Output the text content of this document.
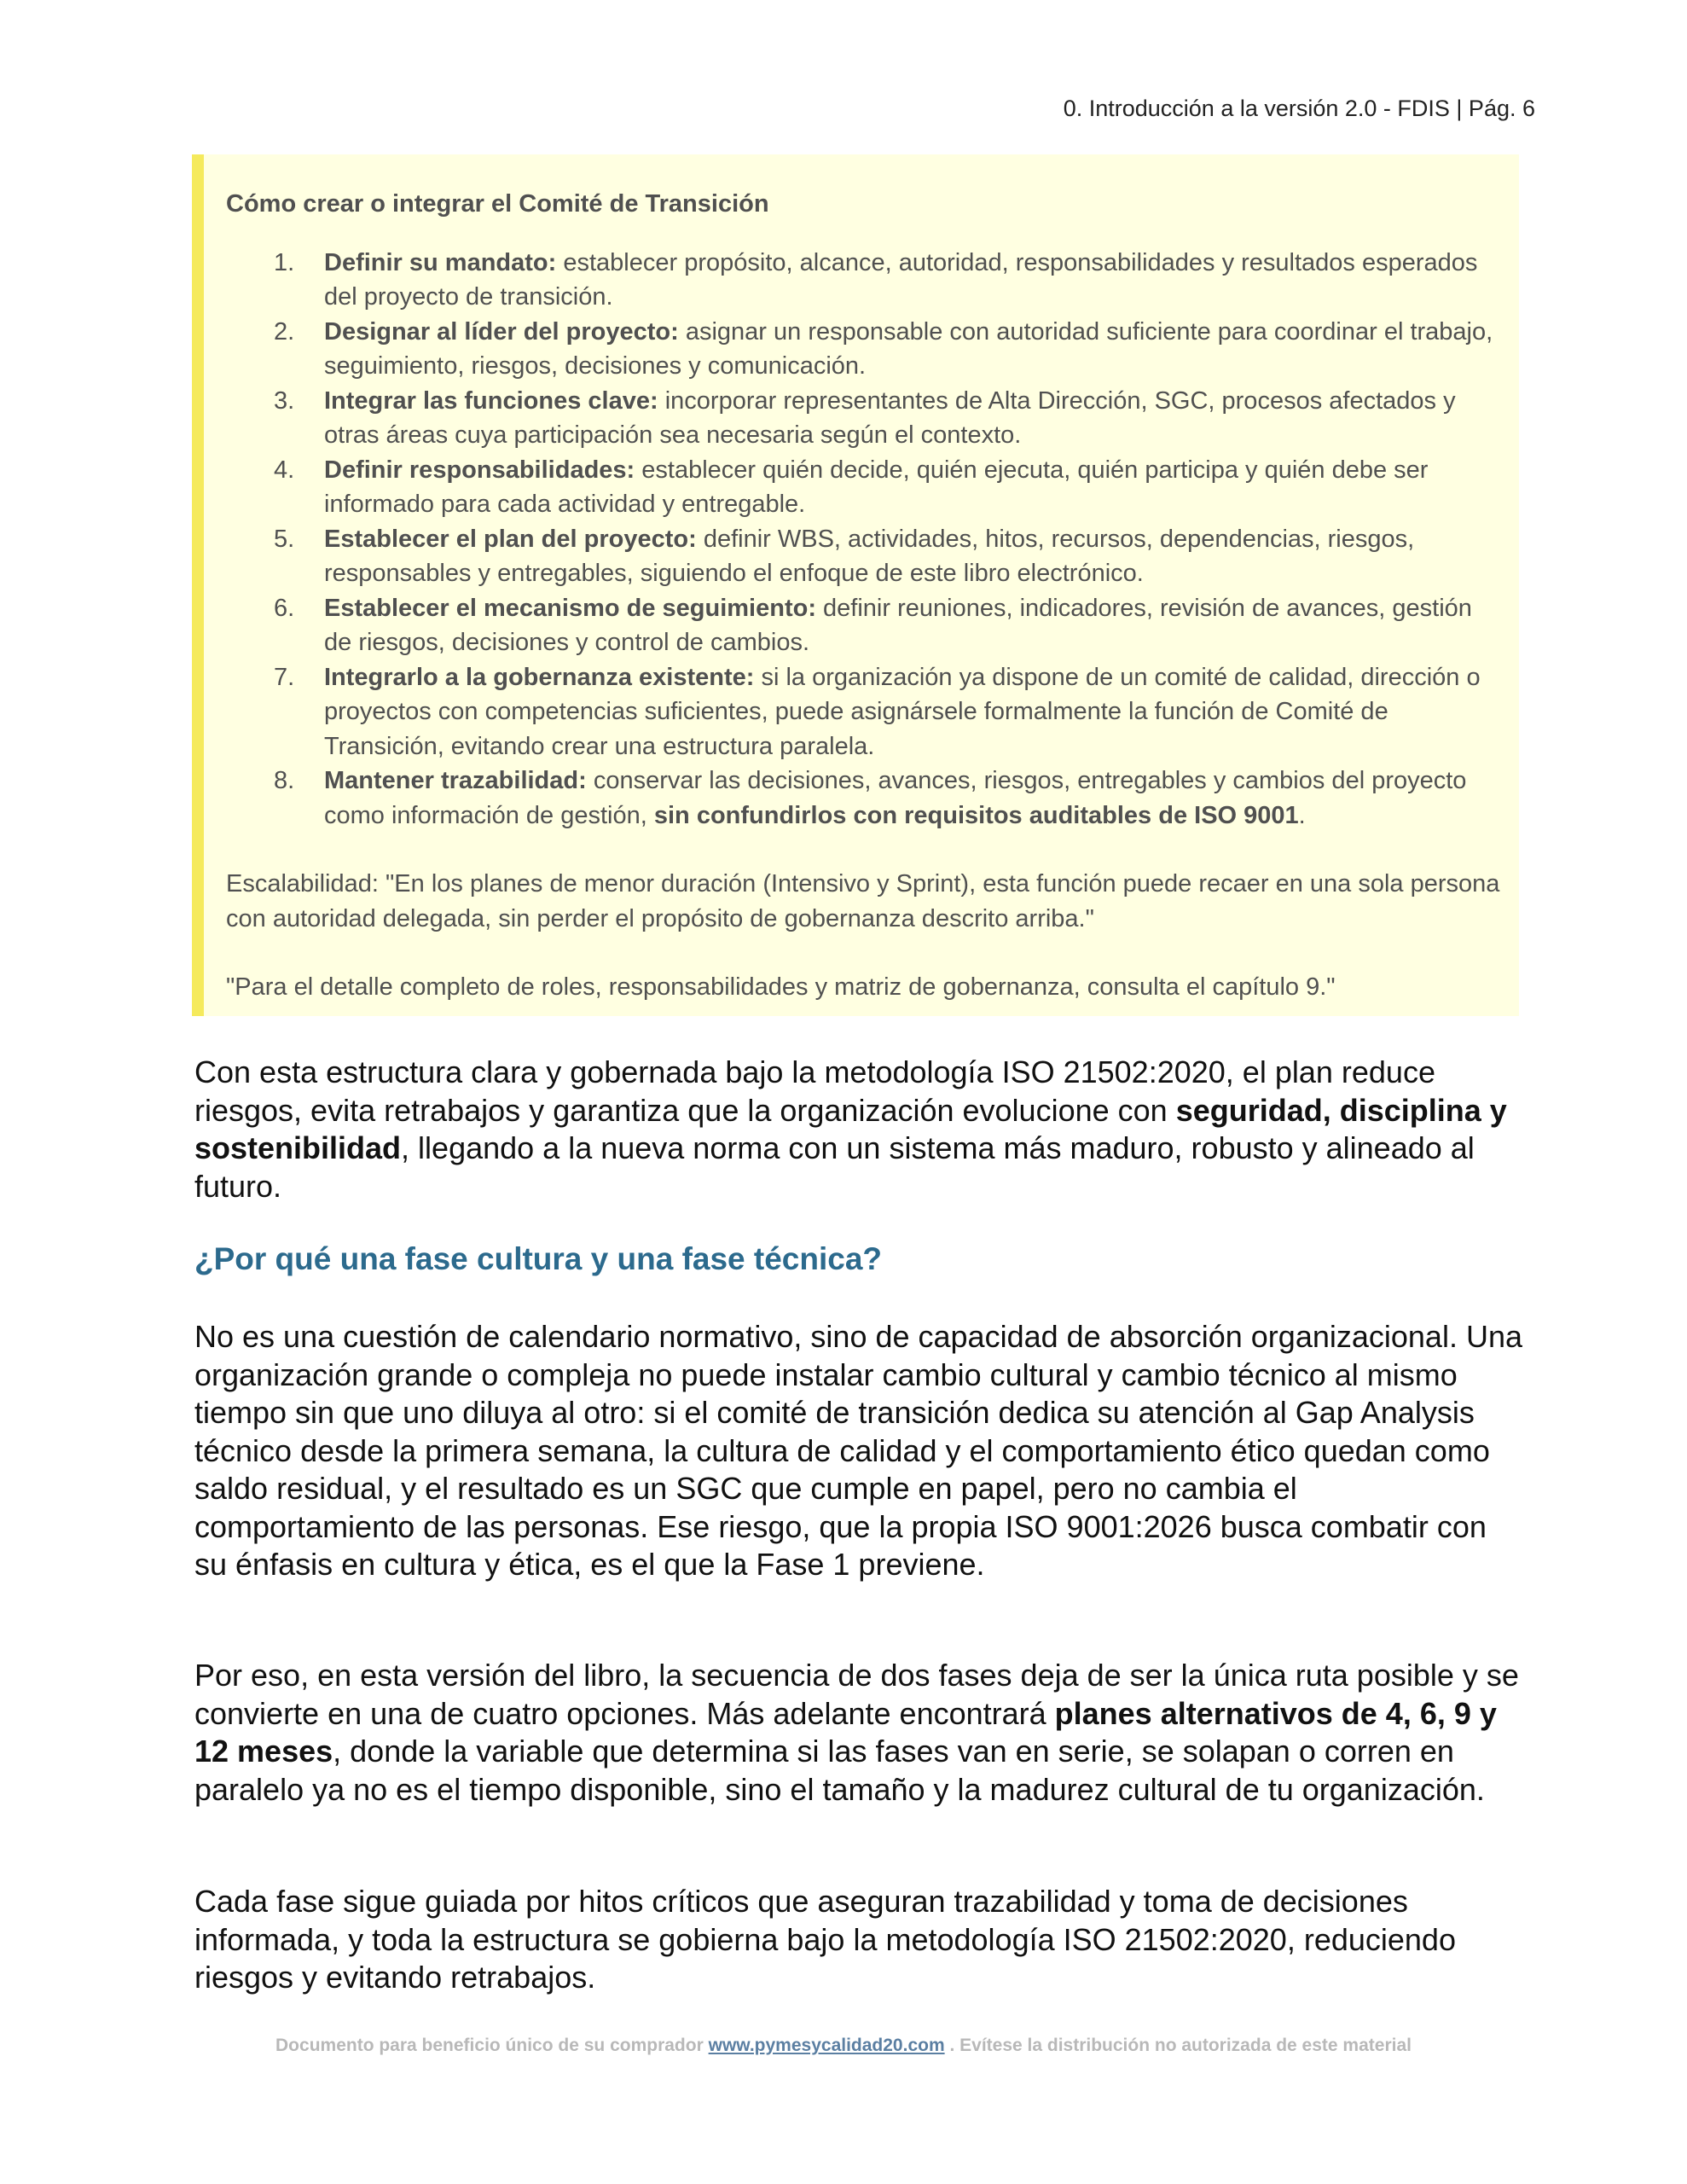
0. Introducción a la versión 2.0 - FDIS | Pág. 6
Cómo crear o integrar el Comité de Transición
1. Definir su mandato: establecer propósito, alcance, autoridad, responsabilidades y resultados esperados del proyecto de transición.
2. Designar al líder del proyecto: asignar un responsable con autoridad suficiente para coordinar el trabajo, seguimiento, riesgos, decisiones y comunicación.
3. Integrar las funciones clave: incorporar representantes de Alta Dirección, SGC, procesos afectados y otras áreas cuya participación sea necesaria según el contexto.
4. Definir responsabilidades: establecer quién decide, quién ejecuta, quién participa y quién debe ser informado para cada actividad y entregable.
5. Establecer el plan del proyecto: definir WBS, actividades, hitos, recursos, dependencias, riesgos, responsables y entregables, siguiendo el enfoque de este libro electrónico.
6. Establecer el mecanismo de seguimiento: definir reuniones, indicadores, revisión de avances, gestión de riesgos, decisiones y control de cambios.
7. Integrarlo a la gobernanza existente: si la organización ya dispone de un comité de calidad, dirección o proyectos con competencias suficientes, puede asignársele formalmente la función de Comité de Transición, evitando crear una estructura paralela.
8. Mantener trazabilidad: conservar las decisiones, avances, riesgos, entregables y cambios del proyecto como información de gestión, sin confundirlos con requisitos auditables de ISO 9001.
Escalabilidad: "En los planes de menor duración (Intensivo y Sprint), esta función puede recaer en una sola persona con autoridad delegada, sin perder el propósito de gobernanza descrito arriba."
"Para el detalle completo de roles, responsabilidades y matriz de gobernanza, consulta el capítulo 9."
Con esta estructura clara y gobernada bajo la metodología ISO 21502:2020, el plan reduce riesgos, evita retrabajos y garantiza que la organización evolucione con seguridad, disciplina y sostenibilidad, llegando a la nueva norma con un sistema más maduro, robusto y alineado al futuro.
¿Por qué una fase cultura y una fase técnica?
No es una cuestión de calendario normativo, sino de capacidad de absorción organizacional. Una organización grande o compleja no puede instalar cambio cultural y cambio técnico al mismo tiempo sin que uno diluya al otro: si el comité de transición dedica su atención al Gap Analysis técnico desde la primera semana, la cultura de calidad y el comportamiento ético quedan como saldo residual, y el resultado es un SGC que cumple en papel, pero no cambia el comportamiento de las personas. Ese riesgo, que la propia ISO 9001:2026 busca combatir con su énfasis en cultura y ética, es el que la Fase 1 previene.
Por eso, en esta versión del libro, la secuencia de dos fases deja de ser la única ruta posible y se convierte en una de cuatro opciones. Más adelante encontrará planes alternativos de 4, 6, 9 y 12 meses, donde la variable que determina si las fases van en serie, se solapan o corren en paralelo ya no es el tiempo disponible, sino el tamaño y la madurez cultural de tu organización.
Cada fase sigue guiada por hitos críticos que aseguran trazabilidad y toma de decisiones informada, y toda la estructura se gobierna bajo la metodología ISO 21502:2020, reduciendo riesgos y evitando retrabajos.
Documento para beneficio único de su comprador www.pymesycalidad20.com . Evítese la distribución no autorizada de este material
